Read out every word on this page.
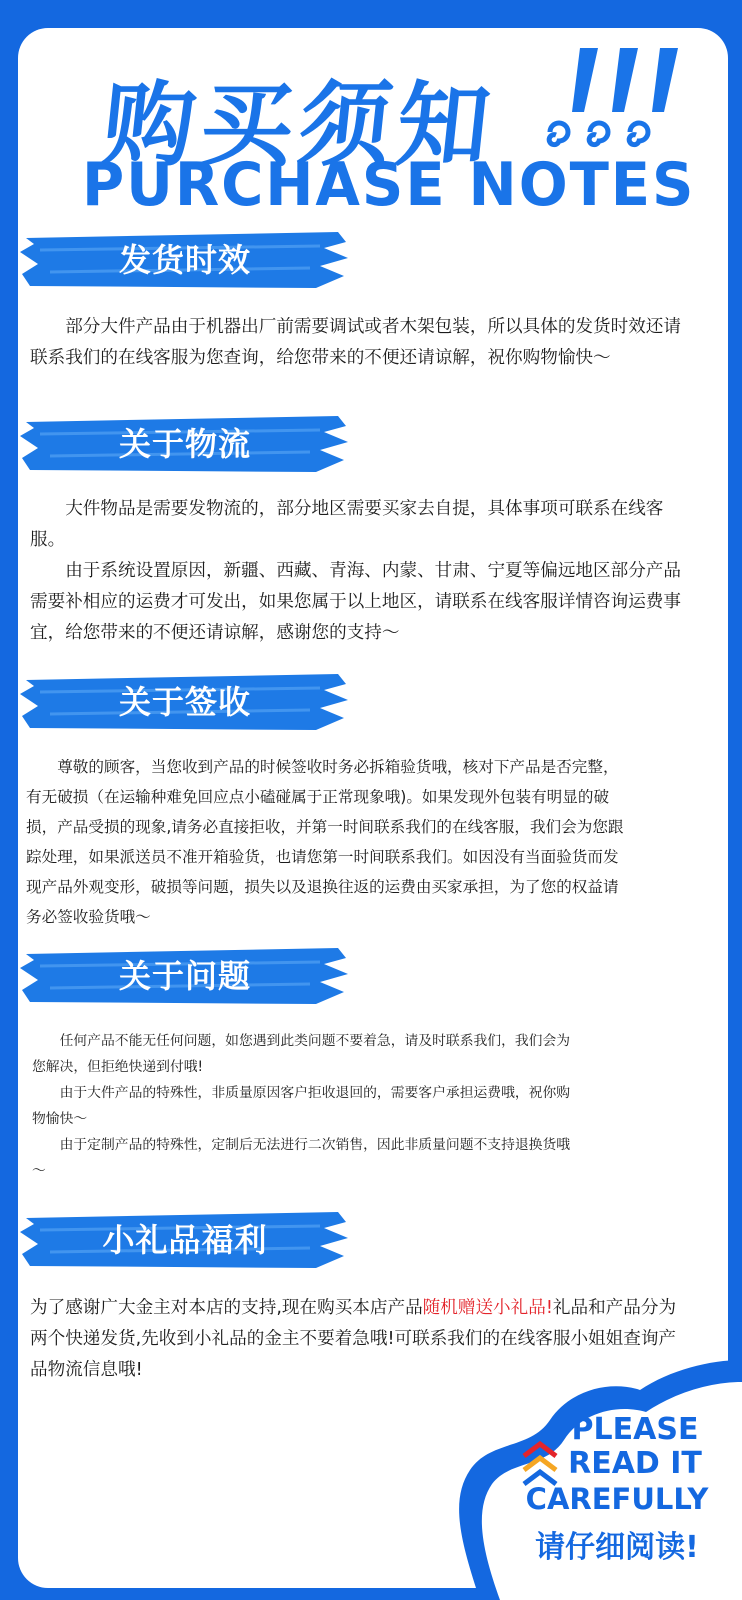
购买须知
PURCHASE NOTES
发货时效
部分大件产品由于机器出厂前需要调试或者木架包装，所以具体的发货时效还请联系我们的在线客服为您查询，给您带来的不便还请谅解，祝你购物愉快～
关于物流
大件物品是需要发物流的，部分地区需要买家去自提，具体事项可联系在线客服。
由于系统设置原因，新疆、西藏、青海、内蒙、甘肃、宁夏等偏远地区部分产品需要补相应的运费才可发出，如果您属于以上地区，请联系在线客服详情咨询运费事宜，给您带来的不便还请谅解，感谢您的支持～
关于签收
尊敬的顾客，当您收到产品的时候签收时务必拆箱验货哦，核对下产品是否完整，有无破损（在运输种难免回应点小磕碰属于正常现象哦)。如果发现外包装有明显的破损，产品受损的现象,请务必直接拒收，并第一时间联系我们的在线客服，我们会为您跟踪处理，如果派送员不准开箱验货，也请您第一时间联系我们。如因没有当面验货而发现产品外观变形，破损等问题，损失以及退换往返的运费由买家承担，为了您的权益请务必签收验货哦～
关于问题
任何产品不能无任何问题，如您遇到此类问题不要着急，请及时联系我们，我们会为您解决，但拒绝快递到付哦!
由于大件产品的特殊性，非质量原因客户拒收退回的，需要客户承担运费哦，祝你购物愉快～
由于定制产品的特殊性，定制后无法进行二次销售，因此非质量问题不支持退换货哦～
小礼品福利
为了感谢广大金主对本店的支持,现在购买本店产品随机赠送小礼品!礼品和产品分为两个快递发货,先收到小礼品的金主不要着急哦!可联系我们的在线客服小姐姐查询产品物流信息哦!
PLEASE
READ IT
CAREFULLY
请仔细阅读!
